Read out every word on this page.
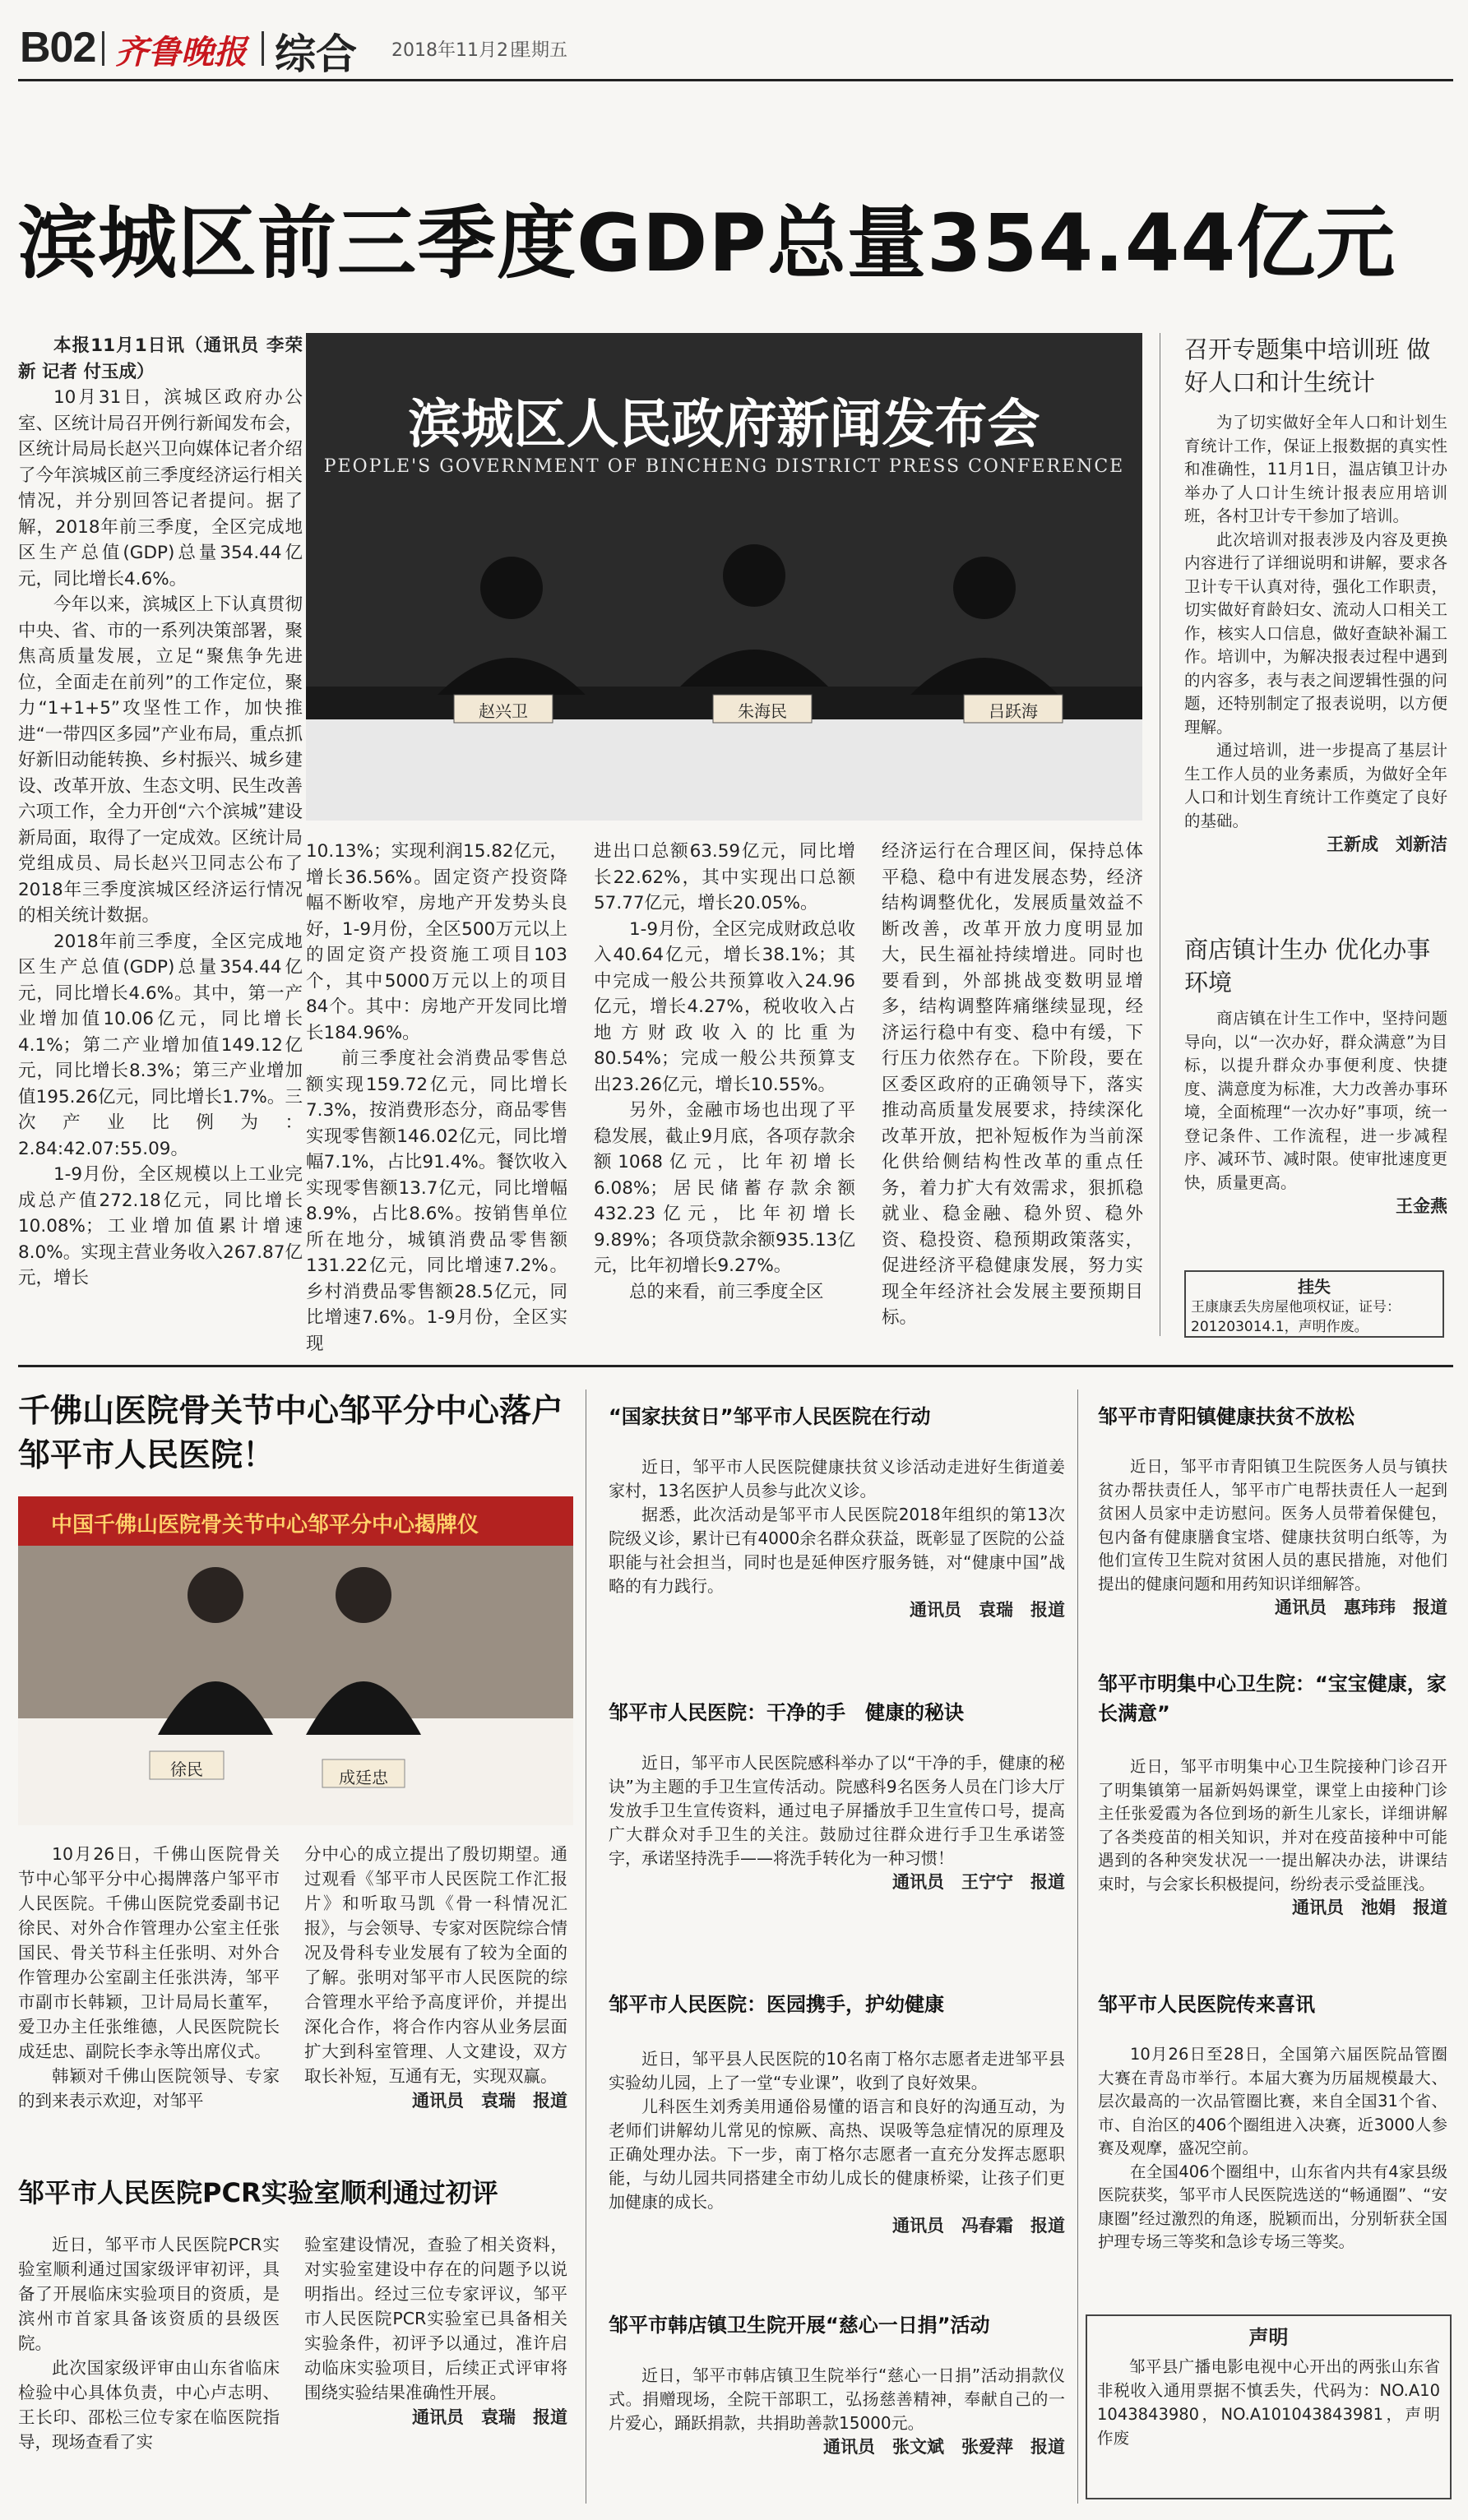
B02 齐鲁晚报 综合 2018年11月2日
星期五
滨城区前三季度GDP总量354.44亿元
本报11月1日讯（通讯员 李荣新 记者 付玉成）

10月31日，滨城区政府办公室、区统计局召开例行新闻发布会，区统计局局长赵兴卫向媒体记者介绍了今年滨城区前三季度经济运行相关情况，并分别回答记者提问。据了解，2018年前三季度，全区完成地区生产总值(GDP)总量354.44亿元，同比增长4.6%。

今年以来，滨城区上下认真贯彻中央、省、市的一系列决策部署，聚焦高质量发展，立足“聚焦争先进位，全面走在前列”的工作定位，聚力“1+1+5”攻坚性工作，加快推进“一带四区多园”产业布局，重点抓好新旧动能转换、乡村振兴、城乡建设、改革开放、生态文明、民生改善六项工作，全力开创“六个滨城”建设新局面，取得了一定成效。区统计局党组成员、局长赵兴卫同志公布了2018年三季度滨城区经济运行情况的相关统计数据。

2018年前三季度，全区完成地区生产总值(GDP)总量354.44亿元，同比增长4.6%。其中，第一产业增加值10.06亿元，同比增长4.1%；第二产业增加值149.12亿元，同比增长8.3%；第三产业增加值195.26亿元，同比增长1.7%。三次产业比例为：2.84:42.07:55.09。

1-9月份，全区规模以上工业完成总产值272.18亿元，同比增长10.08%；工业增加值累计增速8.0%。实现主营业务收入267.87亿元，增长

滨城区人民政府新闻发布会
PEOPLE'S GOVERNMENT OF BINCHENG DISTRICT PRESS CONFERENCE
赵兴卫	朱海民	吕跃海

10.13%；实现利润15.82亿元，增长36.56%。固定资产投资降幅不断收窄，房地产开发势头良好，1-9月份，全区500万元以上的固定资产投资施工项目103个，其中5000万元以上的项目84个。其中：房地产开发同比增长184.96%。

前三季度社会消费品零售总额实现159.72亿元，同比增长7.3%，按消费形态分，商品零售实现零售额146.02亿元，同比增幅7.1%，占比91.4%。餐饮收入实现零售额13.7亿元，同比增幅8.9%，占比8.6%。按销售单位所在地分，城镇消费品零售额131.22亿元，同比增速7.2%。乡村消费品零售额28.5亿元，同比增速7.6%。1-9月份，全区实现

进出口总额63.59亿元，同比增长22.62%，其中实现出口总额57.77亿元，增长20.05%。

1-9月份，全区完成财政总收入40.64亿元，增长38.1%；其中完成一般公共预算收入24.96亿元，增长4.27%，税收收入占地方财政收入的比重为80.54%；完成一般公共预算支出23.26亿元，增长10.55%。

另外，金融市场也出现了平稳发展，截止9月底，各项存款余额1068亿元，比年初增长6.08%；居民储蓄存款余额432.23亿元，比年初增长9.89%；各项贷款余额935.13亿元，比年初增长9.27%。

总的来看，前三季度全区

经济运行在合理区间，保持总体平稳、稳中有进发展态势，经济结构调整优化，发展质量效益不断改善，改革开放力度明显加大，民生福祉持续增进。同时也要看到，外部挑战变数明显增多，结构调整阵痛继续显现，经济运行稳中有变、稳中有缓，下行压力依然存在。下阶段，要在区委区政府的正确领导下，落实推动高质量发展要求，持续深化改革开放，把补短板作为当前深化供给侧结构性改革的重点任务，着力扩大有效需求，狠抓稳就业、稳金融、稳外贸、稳外资、稳投资、稳预期政策落实，促进经济平稳健康发展，努力实现全年经济社会发展主要预期目标。

召开专题集中培训班 做好人口和计生统计

为了切实做好全年人口和计划生育统计工作，保证上报数据的真实性和准确性，11月1日，温店镇卫计办举办了人口计生统计报表应用培训班，各村卫计专干参加了培训。

此次培训对报表涉及内容及更换内容进行了详细说明和讲解，要求各卫计专干认真对待，强化工作职责，切实做好育龄妇女、流动人口相关工作，核实人口信息，做好查缺补漏工作。培训中，为解决报表过程中遇到的内容多，表与表之间逻辑性强的问题，还特别制定了报表说明，以方便理解。

通过培训，进一步提高了基层计生工作人员的业务素质，为做好全年人口和计划生育统计工作奠定了良好的基础。

王新成　刘新洁
商店镇计生办 优化办事环境

商店镇在计生工作中，坚持问题导向，以“一次办好，群众满意”为目标，以提升群众办事便利度、快捷度、满意度为标准，大力改善办事环境，全面梳理“一次办好”事项，统一登记条件、工作流程，进一步减程序、减环节、减时限。使审批速度更快，质量更高。

王金燕
挂失
王康康丢失房屋他项权证，证号：201203014.1，声明作废。
千佛山医院骨关节中心邹平分中心落户邹平市人民医院！
中国千佛山医院骨关节中心邹平分中心揭牌仪
徐民	成廷忠

10月26日，千佛山医院骨关节中心邹平分中心揭牌落户邹平市人民医院。千佛山医院党委副书记徐民、对外合作管理办公室主任张国民、骨关节科主任张明、对外合作管理办公室副主任张洪涛，邹平市副市长韩颖，卫计局局长董军，爱卫办主任张维德，人民医院院长成廷忠、副院长李永等出席仪式。

韩颖对千佛山医院领导、专家的到来表示欢迎，对邹平

分中心的成立提出了殷切期望。通过观看《邹平市人民医院工作汇报片》和听取马凯《骨一科情况汇报》，与会领导、专家对医院综合情况及骨科专业发展有了较为全面的了解。张明对邹平市人民医院的综合管理水平给予高度评价，并提出深化合作，将合作内容从业务层面扩大到科室管理、人文建设，双方取长补短，互通有无，实现双赢。

通讯员　袁瑞　报道
邹平市人民医院PCR实验室顺利通过初评

近日，邹平市人民医院PCR实验室顺利通过国家级评审初评，具备了开展临床实验项目的资质，是滨州市首家具备该资质的县级医院。

此次国家级评审由山东省临床检验中心具体负责，中心卢志明、王长印、邵松三位专家在临医院指导，现场查看了实

验室建设情况，查验了相关资料，对实验室建设中存在的问题予以说明指出。经过三位专家评议，邹平市人民医院PCR实验室已具备相关实验条件，初评予以通过，准许启动临床实验项目，后续正式评审将围绕实验结果准确性开展。

通讯员　袁瑞　报道
“国家扶贫日”邹平市人民医院在行动

近日，邹平市人民医院健康扶贫义诊活动走进好生街道姜家村，13名医护人员参与此次义诊。

据悉，此次活动是邹平市人民医院2018年组织的第13次院级义诊，累计已有4000余名群众获益，既彰显了医院的公益职能与社会担当，同时也是延伸医疗服务链，对“健康中国”战略的有力践行。

通讯员　袁瑞　报道
邹平市人民医院：干净的手　健康的秘诀

近日，邹平市人民医院感科举办了以“干净的手，健康的秘诀”为主题的手卫生宣传活动。院感科9名医务人员在门诊大厅发放手卫生宣传资料，通过电子屏播放手卫生宣传口号，提高广大群众对手卫生的关注。鼓励过往群众进行手卫生承诺签字，承诺坚持洗手——将洗手转化为一种习惯！

通讯员　王宁宁　报道
邹平市人民医院：医园携手，护幼健康

近日，邹平县人民医院的10名南丁格尔志愿者走进邹平县实验幼儿园，上了一堂“专业课”，收到了良好效果。

儿科医生刘秀美用通俗易懂的语言和良好的沟通互动，为老师们讲解幼儿常见的惊厥、高热、误吸等急症情况的原理及正确处理办法。下一步，南丁格尔志愿者一直充分发挥志愿职能，与幼儿园共同搭建全市幼儿成长的健康桥梁，让孩子们更加健康的成长。

通讯员　冯春霜　报道
邹平市韩店镇卫生院开展“慈心一日捐”活动

近日，邹平市韩店镇卫生院举行“慈心一日捐”活动捐款仪式。捐赠现场，全院干部职工，弘扬慈善精神，奉献自己的一片爱心，踊跃捐款，共捐助善款15000元。

通讯员　张文斌　张爱萍　报道
邹平市青阳镇健康扶贫不放松

近日，邹平市青阳镇卫生院医务人员与镇扶贫办帮扶责任人，邹平市广电帮扶责任人一起到贫困人员家中走访慰问。医务人员带着保健包，包内备有健康膳食宝塔、健康扶贫明白纸等，为他们宣传卫生院对贫困人员的惠民措施，对他们提出的健康问题和用药知识详细解答。

通讯员　惠玮玮　报道
邹平市明集中心卫生院：“宝宝健康，家长满意”

近日，邹平市明集中心卫生院接种门诊召开了明集镇第一届新妈妈课堂，课堂上由接种门诊主任张爱霞为各位到场的新生儿家长，详细讲解了各类疫苗的相关知识，并对在疫苗接种中可能遇到的各种突发状况一一提出解决办法，讲课结束时，与会家长积极提问，纷纷表示受益匪浅。

通讯员　池娟　报道
邹平市人民医院传来喜讯

10月26日至28日，全国第六届医院品管圈大赛在青岛市举行。本届大赛为历届规模最大、层次最高的一次品管圈比赛，来自全国31个省、市、自治区的406个圈组进入决赛，近3000人参赛及观摩，盛况空前。

在全国406个圈组中，山东省内共有4家县级医院获奖，邹平市人民医院选送的“畅通圈”、“安康圈”经过激烈的角逐，脱颖而出，分别斩获全国护理专场三等奖和急诊专场三等奖。

声明
邹平县广播电影电视中心开出的两张山东省非税收入通用票据不慎丢失，代码为：NO.A101043843980，NO.A101043843981，声明作废
